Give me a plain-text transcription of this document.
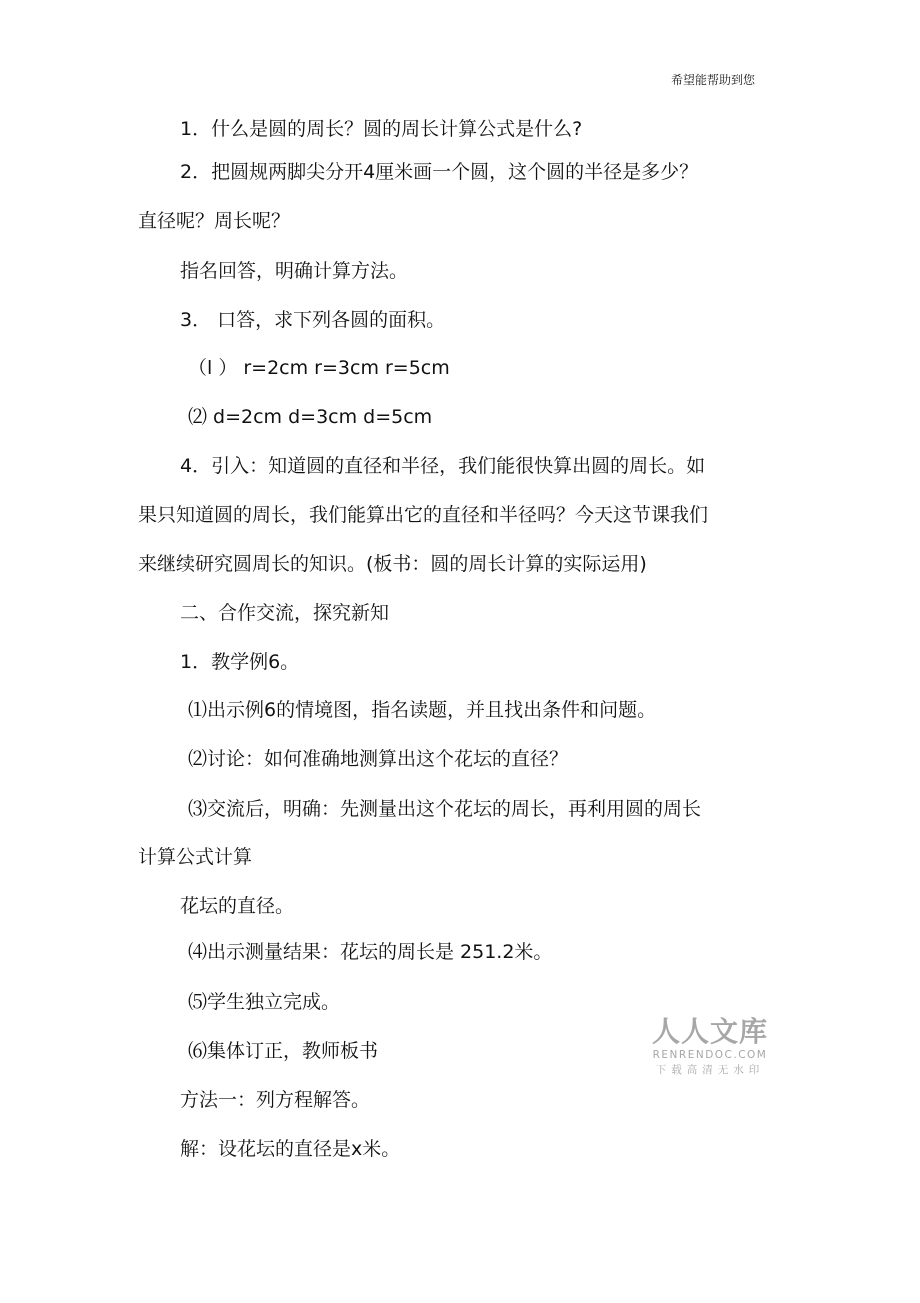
希望能帮助到您
1．什么是圆的周长？圆的周长计算公式是什么?
2．把圆规两脚尖分开4厘米画一个圆，这个圆的半径是多少？
直径呢？周长呢？
指名回答，明确计算方法。
3． 口答，求下列各圆的面积。
（l ） r=2cm r=3cm r=5cm
⑵ d=2cm d=3cm d=5cm
4．引入：知道圆的直径和半径，我们能很快算出圆的周长。如
果只知道圆的周长，我们能算出它的直径和半径吗？今天这节课我们
来继续研究圆周长的知识。(板书：圆的周长计算的实际运用)
二、合作交流，探究新知
1．教学例6。
⑴出示例6的情境图，指名读题，并且找出条件和问题。
⑵讨论：如何准确地测算出这个花坛的直径？
⑶交流后，明确：先测量出这个花坛的周长，再利用圆的周长
计算公式计算
花坛的直径。
⑷出示测量结果：花坛的周长是 251.2米。
⑸学生独立完成。
⑹集体订正，教师板书
方法一：列方程解答。
解：设花坛的直径是x米。
人人文库
RENRENDOC.COM
下载高清无水印
